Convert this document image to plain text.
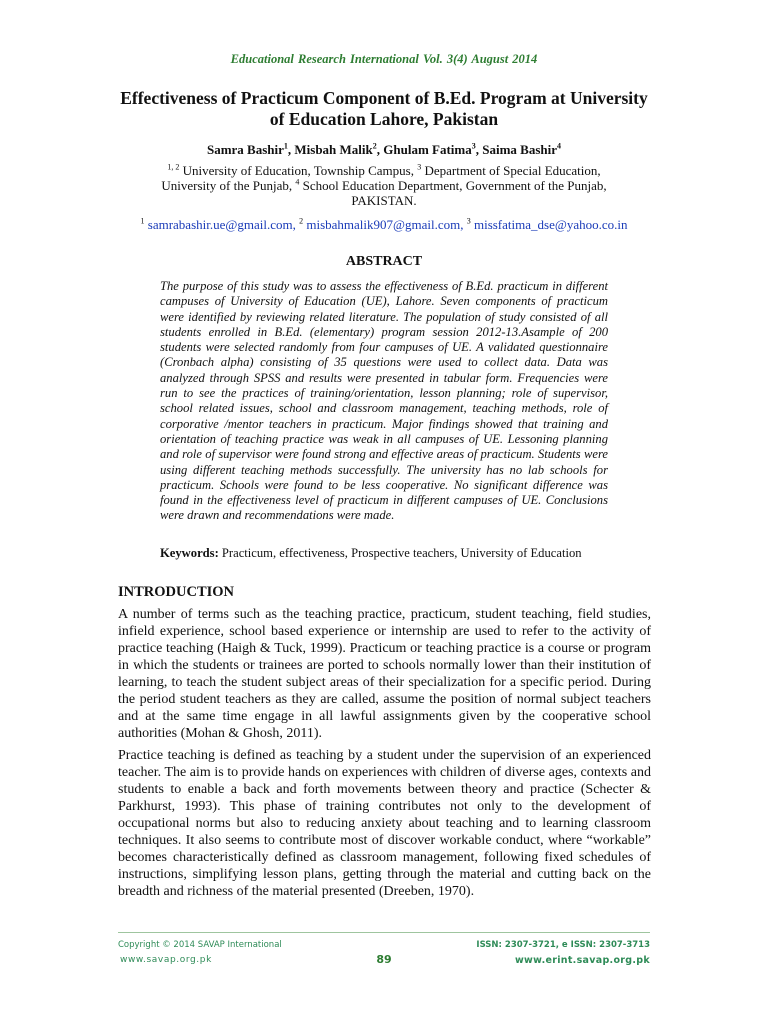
Educational Research International Vol. 3(4) August 2014
Effectiveness of Practicum Component of B.Ed. Program at University of Education Lahore, Pakistan
Samra Bashir$^1$, Misbah Malik$^2$, Ghulam Fatima$^3$, Saima Bashir$^4$
$^{1, 2}$ University of Education, Township Campus, $^3$ Department of Special Education, University of the Punjab, $^4$ School Education Department, Government of the Punjab, PAKISTAN.
$^1$ samrabashir.ue@gmail.com, $^2$ misbahmalik907@gmail.com, $^3$ missfatima_dse@yahoo.co.in
ABSTRACT

The purpose of this study was to assess the effectiveness of B.Ed. practicum in different campuses of University of Education (UE), Lahore. Seven components of practicum were identified by reviewing related literature. The population of study consisted of all students enrolled in B.Ed. (elementary) program session 2012-13.Asample of 200 students were selected randomly from four campuses of UE. A validated questionnaire (Cronbach alpha) consisting of 35 questions were used to collect data. Data was analyzed through SPSS and results were presented in tabular form. Frequencies were run to see the practices of training/orientation, lesson planning; role of supervisor, school related issues, school and classroom management, teaching methods, role of corporative /mentor teachers in practicum. Major findings showed that training and orientation of teaching practice was weak in all campuses of UE. Lessoning planning and role of supervisor were found strong and effective areas of practicum. Students were using different teaching methods successfully. The university has no lab schools for practicum. Schools were found to be less cooperative. No significant difference was found in the effectiveness level of practicum in different campuses of UE. Conclusions were drawn and recommendations were made.

Keywords: Practicum, effectiveness, Prospective teachers, University of Education
INTRODUCTION

A number of terms such as the teaching practice, practicum, student teaching, field studies, infield experience, school based experience or internship are used to refer to the activity of practice teaching (Haigh & Tuck, 1999). Practicum or teaching practice is a course or program in which the students or trainees are ported to schools normally lower than their institution of learning, to teach the student subject areas of their specialization for a specific period. During the period student teachers as they are called, assume the position of normal subject teachers and at the same time engage in all lawful assignments given by the cooperative school authorities (Mohan & Ghosh, 2011).

Practice teaching is defined as teaching by a student under the supervision of an experienced teacher. The aim is to provide hands on experiences with children of diverse ages, contexts and students to enable a back and forth movements between theory and practice (Schecter & Parkhurst, 1993). This phase of training contributes not only to the development of occupational norms but also to reducing anxiety about teaching and to learning classroom techniques. It also seems to contribute most of discover workable conduct, where “workable” becomes characteristically defined as classroom management, following fixed schedules of instructions, simplifying lesson plans, getting through the material and cutting back on the breadth and richness of the material presented (Dreeben, 1970).

Copyright © 2014 SAVAP International
www.savap.org.pk	89
ISSN: 2307-3721, e ISSN: 2307-3713
www.erint.savap.org.pk
